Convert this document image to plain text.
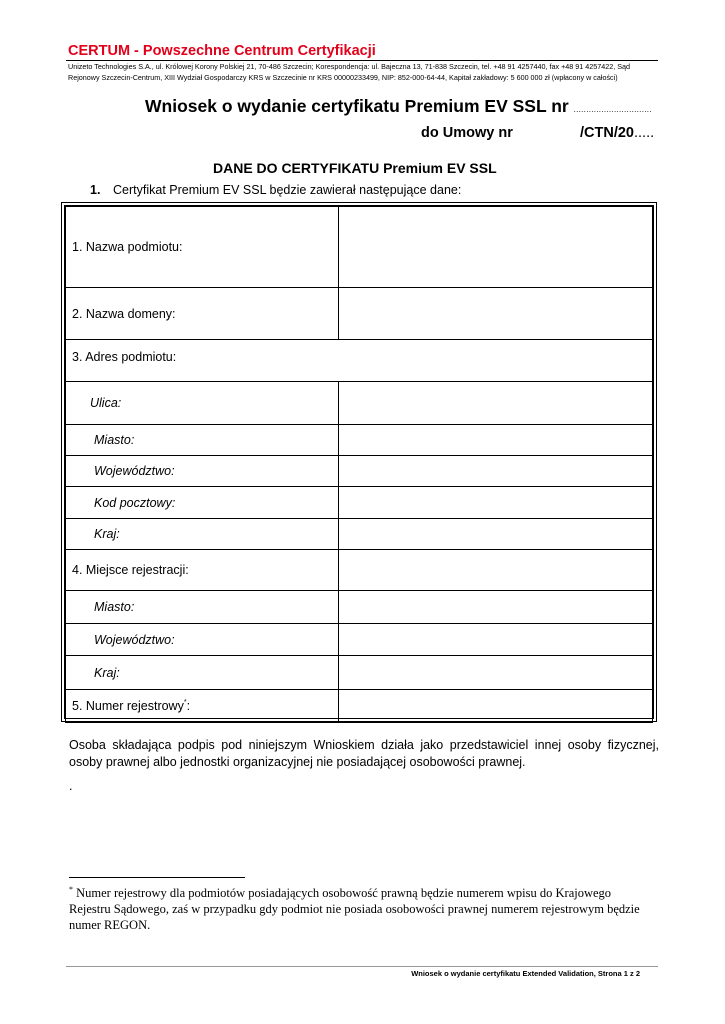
CERTUM - Powszechne Centrum Certyfikacji
Unizeto Technologies S.A., ul. Królowej Korony Polskiej 21, 70-486 Szczecin; Korespondencja: ul. Bajeczna 13, 71-838 Szczecin, tel. +48 91 4257440, fax +48 91 4257422, Sąd Rejonowy Szczecin-Centrum, XIII Wydział Gospodarczy KRS w Szczecinie nr KRS 00000233499, NIP: 852-000-64-44, Kapitał zakładowy: 5 600 000 zł (wpłacony w całości)
Wniosek o wydanie certyfikatu Premium EV SSL nr ...............................
do Umowy nr	/CTN/20.....
DANE DO CERTYFIKATU Premium EV SSL
1. Certyfikat Premium EV SSL będzie zawierał następujące dane:
1. Nazwa podmiotu:	
2. Nazwa domeny:	
3. Adres podmiotu:	
Ulica:	
Miasto:	
Województwo:	
Kod pocztowy:	
Kraj:	
4. Miejsce rejestracji:	
Miasto:	
Województwo:	
Kraj:	
5. Numer rejestrowy*:	
Osoba składająca podpis pod niniejszym Wnioskiem działa jako przedstawiciel innej osoby fizycznej, osoby prawnej albo jednostki organizacyjnej nie posiadającej osobowości prawnej.
.
* Numer rejestrowy dla podmiotów posiadających osobowość prawną będzie numerem wpisu do Krajowego Rejestru Sądowego, zaś w przypadku gdy podmiot nie posiada osobowości prawnej numerem rejestrowym będzie numer REGON.
Wniosek o wydanie certyfikatu Extended Validation, Strona 1 z 2
